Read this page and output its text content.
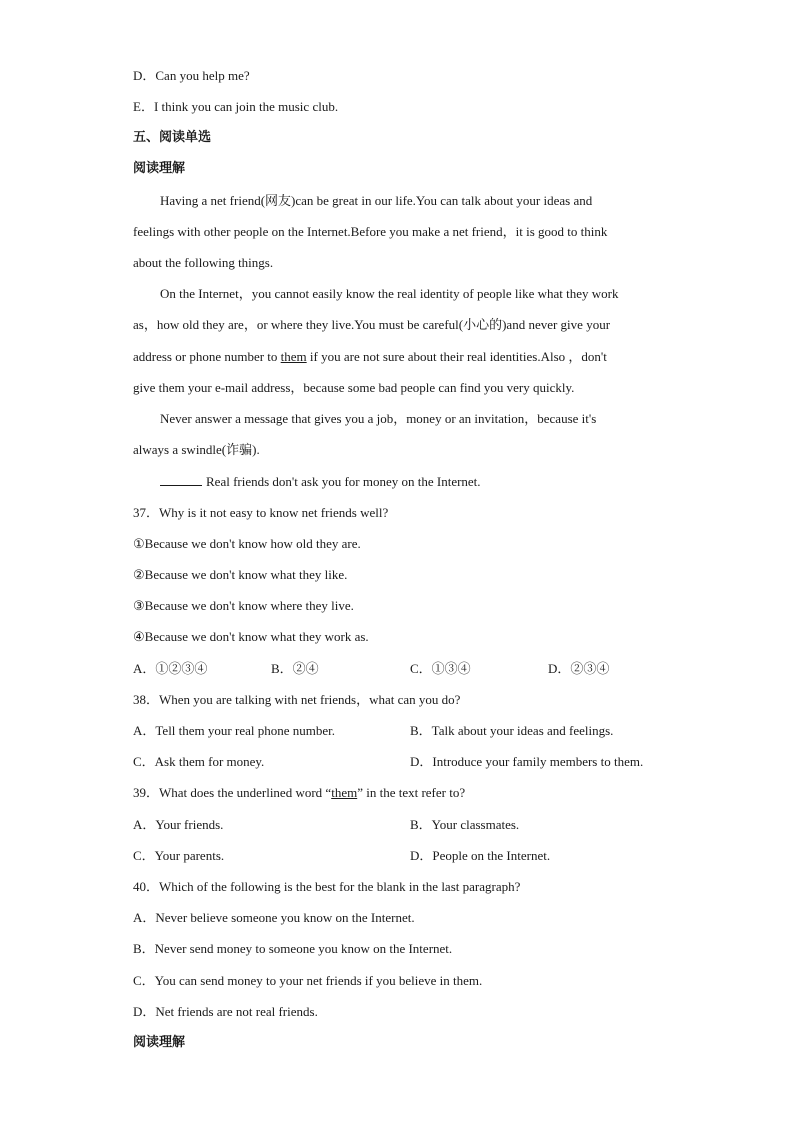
D．Can you help me?
E．I think you can join the music club.
五、阅读单选
阅读理解
Having a net friend(网友)can be great in our life.You can talk about your ideas and
feelings with other people on the Internet.Before you make a net friend，it is good to think
about the following things.
On the Internet，you cannot easily know the real identity of people like what they work
as，how old they are，or where they live.You must be careful(小心的)and never give your
address or phone number to them if you are not sure about their real identities.Also ，don't
give them your e-mail address，because some bad people can find you very quickly.
Never answer a message that gives you a job，money or an invitation，because it's
always a swindle(诈骗).
Real friends don't ask you for money on the Internet.
37．Why is it not easy to know net friends well?
①Because we don't know how old they are.
②Because we don't know what they like.
③Because we don't know where they live.
④Because we don't know what they work as.
A．①②③④	B．②④	C．①③④	D．②③④
38．When you are talking with net friends，what can you do?
A．Tell them your real phone number.	B．Talk about your ideas and feelings.
C．Ask them for money.	D．Introduce your family members to them.
39．What does the underlined word “them” in the text refer to?
A．Your friends.	B．Your classmates.
C．Your parents.	D．People on the Internet.
40．Which of the following is the best for the blank in the last paragraph?
A．Never believe someone you know on the Internet.
B．Never send money to someone you know on the Internet.
C．You can send money to your net friends if you believe in them.
D．Net friends are not real friends.
阅读理解
